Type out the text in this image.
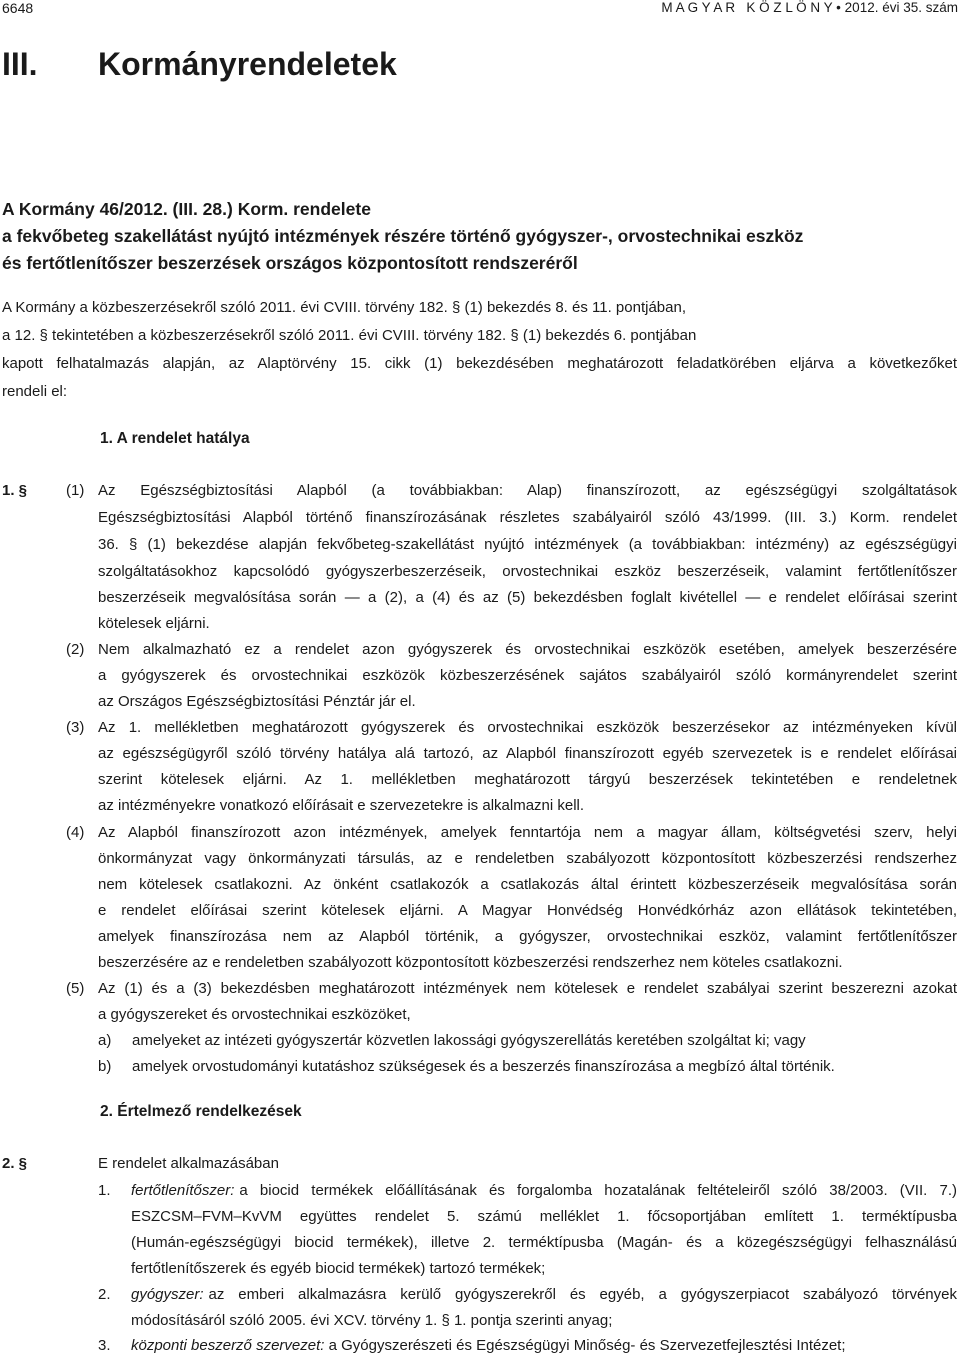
6648	M A G Y A R   K Ö Z L Ö N Y • 2012. évi 35. szám
III. Kormányrendeletek
A Kormány 46/2012. (III. 28.) Korm. rendelete
a fekvőbeteg szakellátást nyújtó intézmények részére történő gyógyszer-, orvostechnikai eszköz
és fertőtlenítőszer beszerzések országos központosított rendszeréről
A Kormány a közbeszerzésekről szóló 2011. évi CVIII. törvény 182. § (1) bekezdés 8. és 11. pontjában,
a 12. § tekintetében a közbeszerzésekről szóló 2011. évi CVIII. törvény 182. § (1) bekezdés 6. pontjában
kapott felhatalmazás alapján, az Alaptörvény 15. cikk (1) bekezdésében meghatározott feladatkörében eljárva a következőket
rendeli el:
1. A rendelet hatálya
1. §	(1) Az Egészségbiztosítási Alapból (a továbbiakban: Alap) finanszírozott, az egészségügyi szolgáltatások
Egészségbiztosítási Alapból történő finanszírozásának részletes szabályairól szóló 43/1999. (III. 3.) Korm. rendelet
36. § (1) bekezdése alapján fekvőbeteg-szakellátást nyújtó intézmények (a továbbiakban: intézmény) az egészségügyi
szolgáltatásokhoz kapcsolódó gyógyszerbeszerzéseik, orvostechnikai eszköz beszerzéseik, valamint fertőtlenítőszer
beszerzéseik megvalósítása során — a (2), a (4) és az (5) bekezdésben foglalt kivétellel — e rendelet előírásai szerint
kötelesek eljárni.
(2) Nem alkalmazható ez a rendelet azon gyógyszerek és orvostechnikai eszközök esetében, amelyek beszerzésére
a gyógyszerek és orvostechnikai eszközök közbeszerzésének sajátos szabályairól szóló kormányrendelet szerint
az Országos Egészségbiztosítási Pénztár jár el.
(3) Az 1. mellékletben meghatározott gyógyszerek és orvostechnikai eszközök beszerzésekor az intézményeken kívül
az egészségügyről szóló törvény hatálya alá tartozó, az Alapból finanszírozott egyéb szervezetek is e rendelet előírásai
szerint kötelesek eljárni. Az 1. mellékletben meghatározott tárgyú beszerzések tekintetében e rendeletnek
az intézményekre vonatkozó előírásait e szervezetekre is alkalmazni kell.
(4) Az Alapból finanszírozott azon intézmények, amelyek fenntartója nem a magyar állam, költségvetési szerv, helyi
önkormányzat vagy önkormányzati társulás, az e rendeletben szabályozott központosított közbeszerzési rendszerhez
nem kötelesek csatlakozni. Az önként csatlakozók a csatlakozás által érintett közbeszerzéseik megvalósítása során
e rendelet előírásai szerint kötelesek eljárni. A Magyar Honvédség Honvédkórház azon ellátások tekintetében,
amelyek finanszírozása nem az Alapból történik, a gyógyszer, orvostechnikai eszköz, valamint fertőtlenítőszer
beszerzésére az e rendeletben szabályozott központosított közbeszerzési rendszerhez nem köteles csatlakozni.
(5) Az (1) és a (3) bekezdésben meghatározott intézmények nem kötelesek e rendelet szabályai szerint beszerezni azokat
a gyógyszereket és orvostechnikai eszközöket,
a) amelyeket az intézeti gyógyszertár közvetlen lakossági gyógyszerellátás keretében szolgáltat ki; vagy
b) amelyek orvostudományi kutatáshoz szükségesek és a beszerzés finanszírozása a megbízó által történik.
2. Értelmező rendelkezések
2. §	E rendelet alkalmazásában
1. fertőtlenítőszer: a biocid termékek előállításának és forgalomba hozatalának feltételeiről szóló 38/2003. (VII. 7.)
ESZCSM–FVM–KvVM együttes rendelet 5. számú melléklet 1. főcsoportjában említett 1. terméktípusba
(Humán-egészségügyi biocid termékek), illetve 2. terméktípusba (Magán- és a közegészségügyi felhasználású
fertőtlenítőszerek és egyéb biocid termékek) tartozó termékek;
2. gyógyszer: az emberi alkalmazásra kerülő gyógyszerekről és egyéb, a gyógyszerpiacot szabályozó törvények
módosításáról szóló 2005. évi XCV. törvény 1. § 1. pontja szerinti anyag;
3. központi beszerző szervezet: a Gyógyszerészeti és Egészségügyi Minőség- és Szervezetfejlesztési Intézet;
